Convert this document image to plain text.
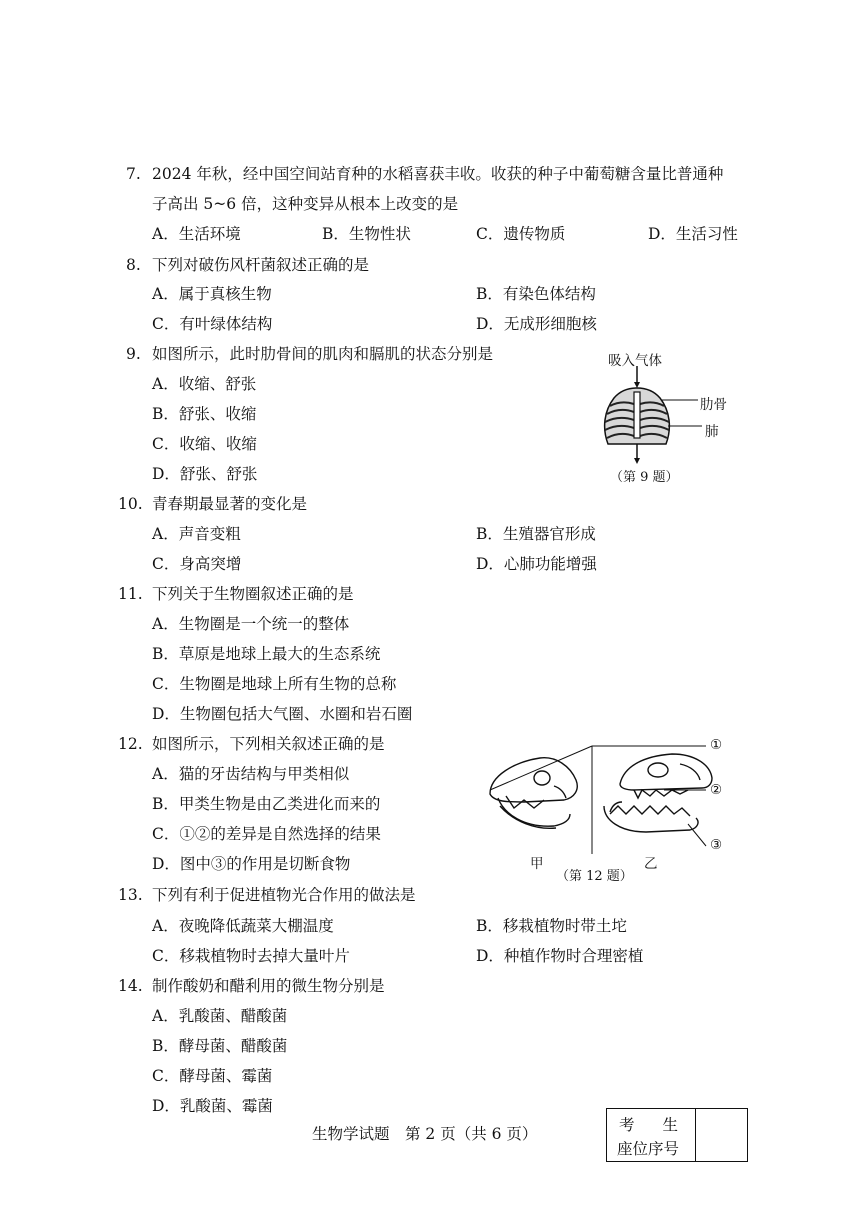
7. 2024 年秋，经中国空间站育种的水稻喜获丰收。收获的种子中葡萄糖含量比普通种
子高出 5~6 倍，这种变异从根本上改变的是
A．生活环境	B．生物性状	C．遗传物质	D．生活习性
8. 下列对破伤风杆菌叙述正确的是
A．属于真核生物	B．有染色体结构
C．有叶绿体结构	D．无成形细胞核
9. 如图所示，此时肋骨间的肌肉和膈肌的状态分别是
A．收缩、舒张
B．舒张、收缩
C．收缩、收缩
D．舒张、舒张
吸入气体
肋骨
肺
（第 9 题）
10. 青春期最显著的变化是
A．声音变粗	B．生殖器官形成
C．身高突增	D．心肺功能增强
11. 下列关于生物圈叙述正确的是
A．生物圈是一个统一的整体
B．草原是地球上最大的生态系统
C．生物圈是地球上所有生物的总称
D．生物圈包括大气圈、水圈和岩石圈
12. 如图所示，下列相关叙述正确的是
A．猫的牙齿结构与甲类相似
B．甲类生物是由乙类进化而来的
C．①②的差异是自然选择的结果
D．图中③的作用是切断食物
①
②
③
甲	乙
（第 12 题）
13. 下列有利于促进植物光合作用的做法是
A．夜晚降低蔬菜大棚温度	B．移栽植物时带土坨
C．移栽植物时去掉大量叶片	D．种植作物时合理密植
14. 制作酸奶和醋利用的微生物分别是
A．乳酸菌、醋酸菌
B．酵母菌、醋酸菌
C．酵母菌、霉菌
D．乳酸菌、霉菌
生物学试题　第 2 页（共 6 页）	考生
座位序号
